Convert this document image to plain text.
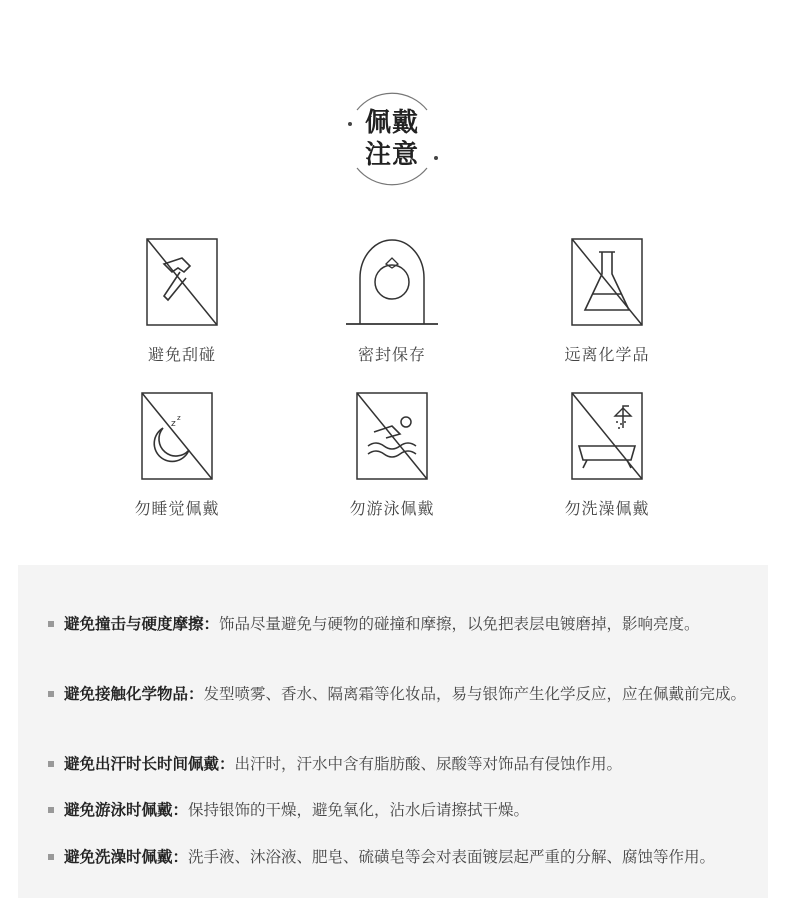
佩戴
注意
避免刮碰	密封保存	远离化学品
z
z
勿睡觉佩戴	勿游泳佩戴	勿洗澡佩戴
避免撞击与硬度摩擦：饰品尽量避免与硬物的碰撞和摩擦，以免把表层电镀磨掉，影响亮度。
避免接触化学物品：发型喷雾、香水、隔离霜等化妆品，易与银饰产生化学反应，应在佩戴前完成。
避免出汗时长时间佩戴：出汗时，汗水中含有脂肪酸、尿酸等对饰品有侵蚀作用。
避免游泳时佩戴：保持银饰的干燥，避免氧化，沾水后请擦拭干燥。
避免洗澡时佩戴：洗手液、沐浴液、肥皂、硫磺皂等会对表面镀层起严重的分解、腐蚀等作用。
